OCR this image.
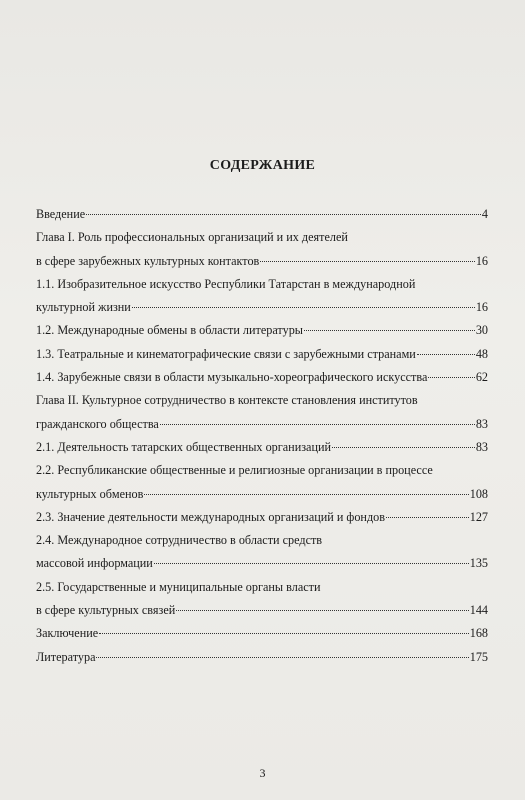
СОДЕРЖАНИЕ
Введение	4
Глава I. Роль профессиональных организаций и их деятелей
в сфере зарубежных культурных контактов	16
1.1. Изобразительное искусство Республики Татарстан в международной
культурной жизни	16
1.2. Международные обмены в области литературы	30
1.3. Театральные и кинематографические связи с зарубежными странами	48
1.4. Зарубежные связи в области музыкально-хореографического искусства	62
Глава II. Культурное сотрудничество в контексте становления институтов
гражданского общества	83
2.1. Деятельность татарских общественных организаций	83
2.2. Республиканские общественные и религиозные организации в процессе
культурных обменов	108
2.3. Значение деятельности международных организаций и фондов	127
2.4. Международное сотрудничество в области средств
массовой информации	135
2.5. Государственные и муниципальные органы власти
в сфере культурных связей	144
Заключение	168
Литература	175
3
